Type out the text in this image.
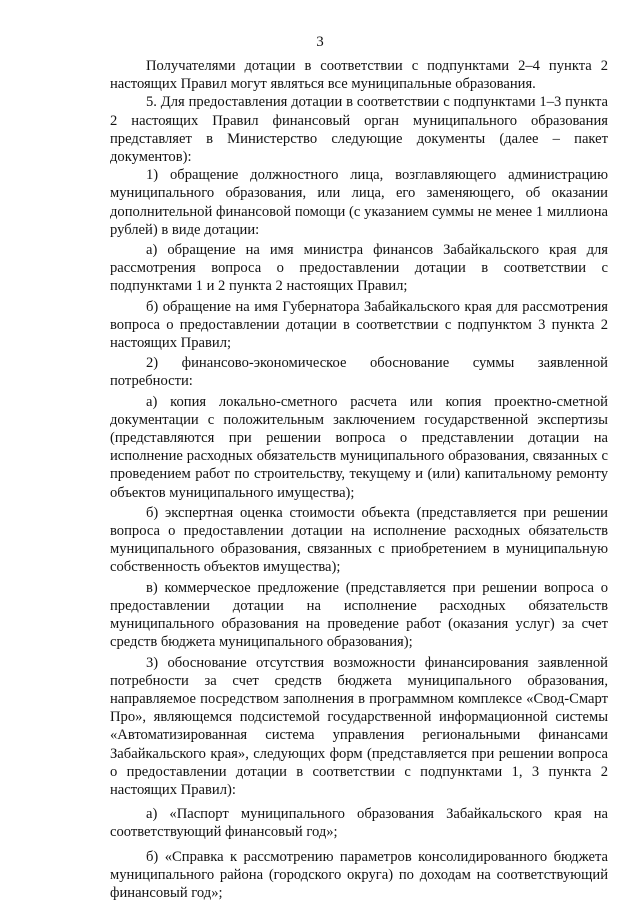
3

Получателями дотации в соответствии с подпунктами 2–4 пункта 2 настоящих Правил могут являться все муниципальные образования.

5. Для предоставления дотации в соответствии с подпунктами 1–3 пункта 2 настоящих Правил финансовый орган муниципального образования представляет в Министерство следующие документы (далее – пакет документов):

1) обращение должностного лица, возглавляющего администрацию муниципального образования, или лица, его заменяющего, об оказании дополнительной финансовой помощи (с указанием суммы не менее 1 миллиона рублей) в виде дотации:

а) обращение на имя министра финансов Забайкальского края для рассмотрения вопроса о предоставлении дотации в соответствии с подпунктами 1 и 2 пункта 2 настоящих Правил;

б) обращение на имя Губернатора Забайкальского края для рассмотрения вопроса о предоставлении дотации в соответствии с подпунктом 3 пункта 2 настоящих Правил;

2) финансово-экономическое обоснование суммы заявленной потребности:

а) копия локально-сметного расчета или копия проектно-сметной документации с положительным заключением государственной экспертизы (представляются при решении вопроса о представлении дотации на исполнение расходных обязательств муниципального образования, связанных с проведением работ по строительству, текущему и (или) капитальному ремонту объектов муниципального имущества);

б) экспертная оценка стоимости объекта (представляется при решении вопроса о предоставлении дотации на исполнение расходных обязательств муниципального образования, связанных с приобретением в муниципальную собственность объектов имущества);

в) коммерческое предложение (представляется при решении вопроса о предоставлении дотации на исполнение расходных обязательств муниципального образования на проведение работ (оказания услуг) за счет средств бюджета муниципального образования);

3) обоснование отсутствия возможности финансирования заявленной потребности за счет средств бюджета муниципального образования, направляемое посредством заполнения в программном комплексе «Свод-Смарт Про», являющемся подсистемой государственной информационной системы «Автоматизированная система управления региональными финансами Забайкальского края», следующих форм (представляется при решении вопроса о предоставлении дотации в соответствии с подпунктами 1, 3 пункта 2 настоящих Правил):

а) «Паспорт муниципального образования Забайкальского края на соответствующий финансовый год»;

б) «Справка к рассмотрению параметров консолидированного бюджета муниципального района (городского округа) по доходам на соответствующий финансовый год»;
